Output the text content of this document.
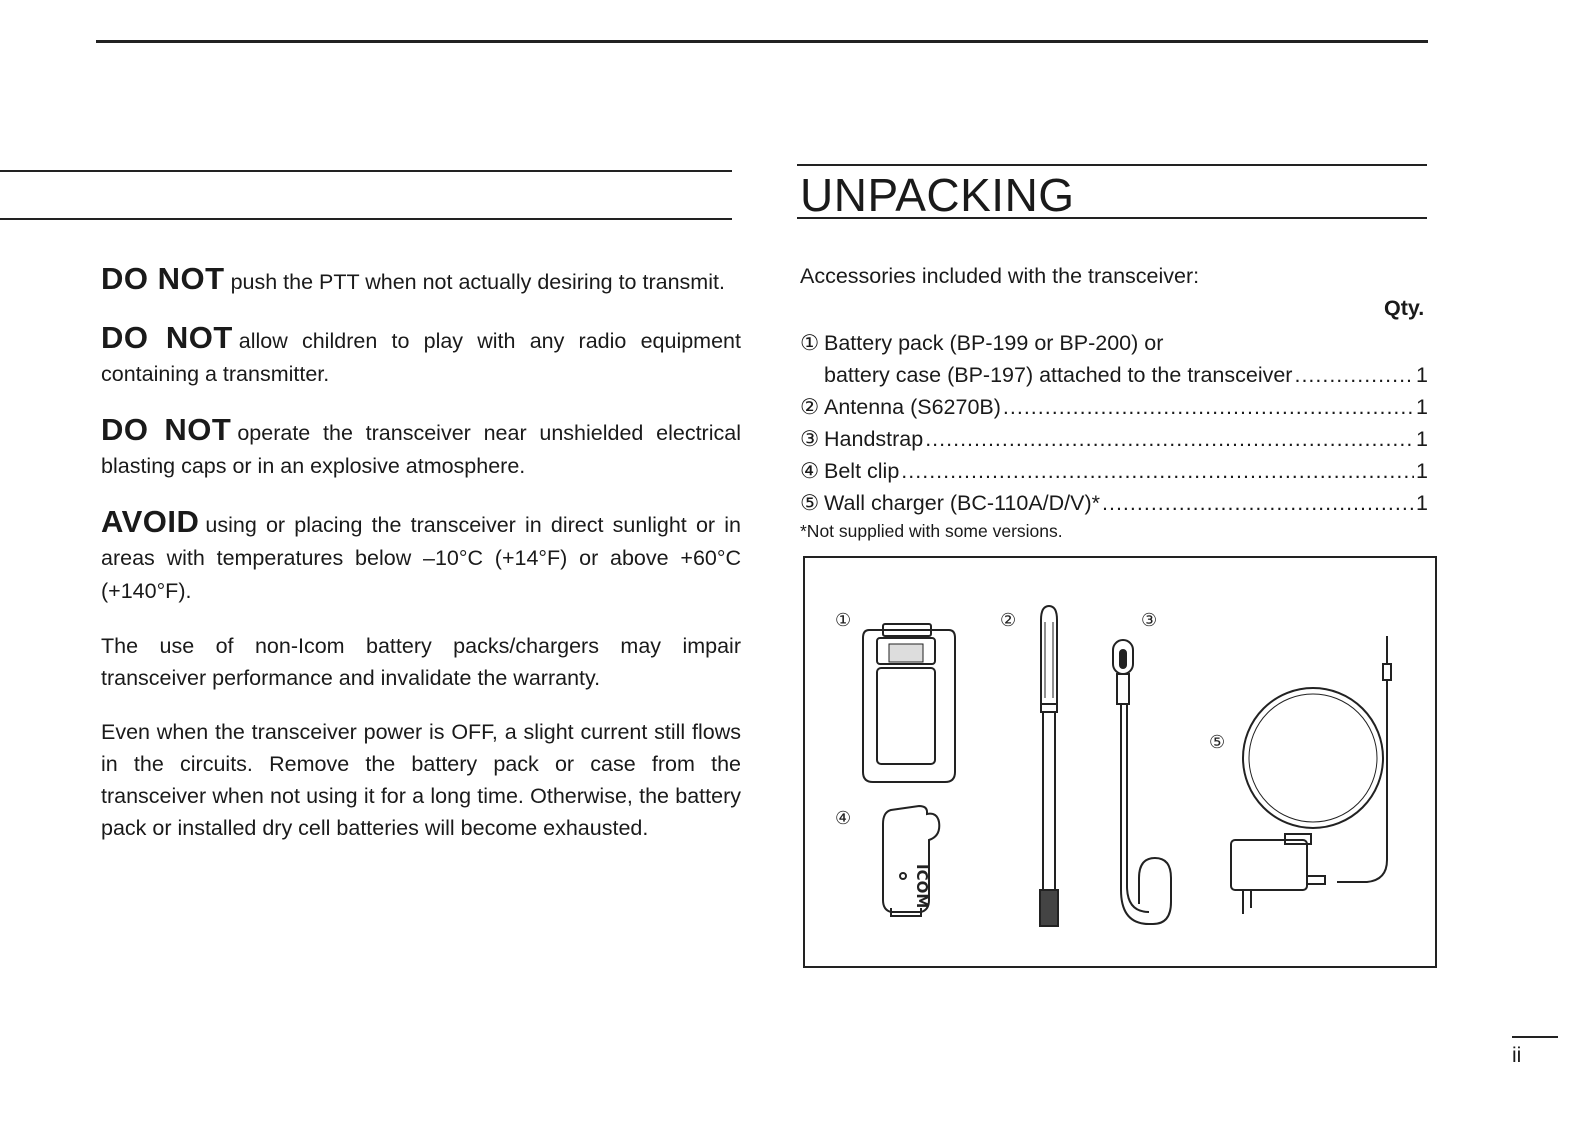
DO NOT push the PTT when not actually desiring to transmit.

DO NOT allow children to play with any radio equipment containing a transmitter.

DO NOT operate the transceiver near unshielded electrical blasting caps or in an explosive atmosphere.

AVOID using or placing the transceiver in direct sunlight or in areas with temperatures below –10°C (+14°F) or above +60°C (+140°F).

The use of non-Icom battery packs/chargers may impair transceiver performance and invalidate the warranty.

Even when the transceiver power is OFF, a slight current still flows in the circuits. Remove the battery pack or case from the transceiver when not using it for a long time. Otherwise, the battery pack or installed dry cell batteries will become exhausted.

UNPACKING
Accessories included with the transceiver:
Qty.
① Battery pack (BP-199 or BP-200) or
battery case (BP-197) attached to the transceiver .....	1
② Antenna (S6270B) .....	1
③ Handstrap .....	1
④ Belt clip .....	1
⑤ Wall charger (BC-110A/D/V)* .....	1
*Not supplied with some versions.
①	②	③
④
⑤
ICOM
ii
